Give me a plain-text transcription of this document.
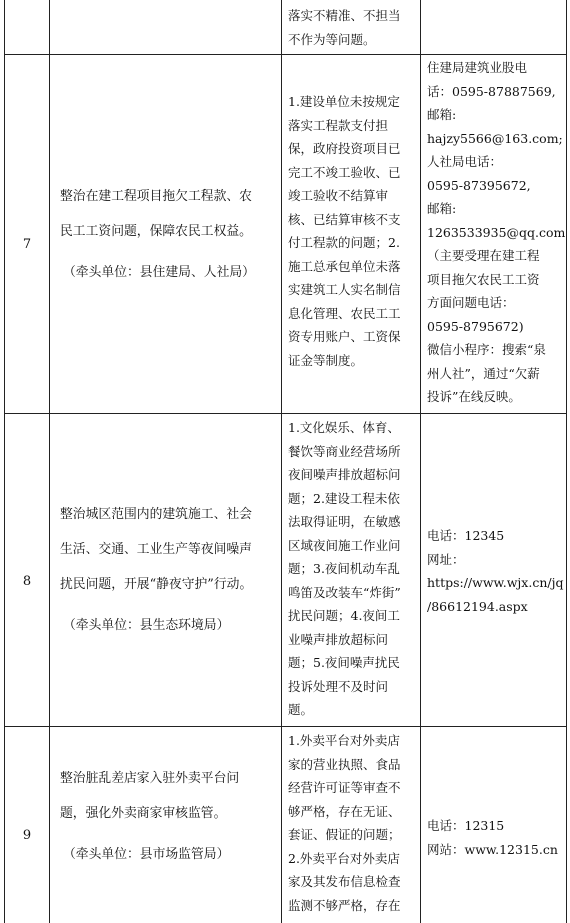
落实不精准、不担当
不作为等问题。
7
整治在建工程项目拖欠工程款、农
民工工资问题，保障农民工权益。
（牵头单位：县住建局、人社局）
1.建设单位未按规定
落实工程款支付担
保，政府投资项目已
完工不竣工验收、已
竣工验收不结算审
核、已结算审核不支
付工程款的问题；2.
施工总承包单位未落
实建筑工人实名制信
息化管理、农民工工
资专用账户、工资保
证金等制度。
住建局建筑业股电
话：0595-87887569,
邮箱:
hajzy5566@163.com;
人社局电话：
0595-87395672,
邮箱:
1263533935@qq.com
（主要受理在建工程
项目拖欠农民工工资
方面问题电话：
0595-8795672)
微信小程序：搜索“泉
州人社”，通过“欠薪
投诉”在线反映。
8
整治城区范围内的建筑施工、社会
生活、交通、工业生产等夜间噪声
扰民问题，开展“静夜守护”行动。
（牵头单位：县生态环境局）
1.文化娱乐、体育、
餐饮等商业经营场所
夜间噪声排放超标问
题；2.建设工程未依
法取得证明，在敏感
区域夜间施工作业问
题；3.夜间机动车乱
鸣笛及改装车“炸街”
扰民问题；4.夜间工
业噪声排放超标问
题；5.夜间噪声扰民
投诉处理不及时问
题。
电话：12345
网址：
https://www.wjx.cn/jq
/86612194.aspx
9
整治脏乱差店家入驻外卖平台问
题，强化外卖商家审核监管。
（牵头单位：县市场监管局）
1.外卖平台对外卖店
家的营业执照、食品
经营许可证等审查不
够严格，存在无证、
套证、假证的问题；
2.外卖平台对外卖店
家及其发布信息检查
监测不够严格，存在
电话：12315
网站：www.12315.cn
